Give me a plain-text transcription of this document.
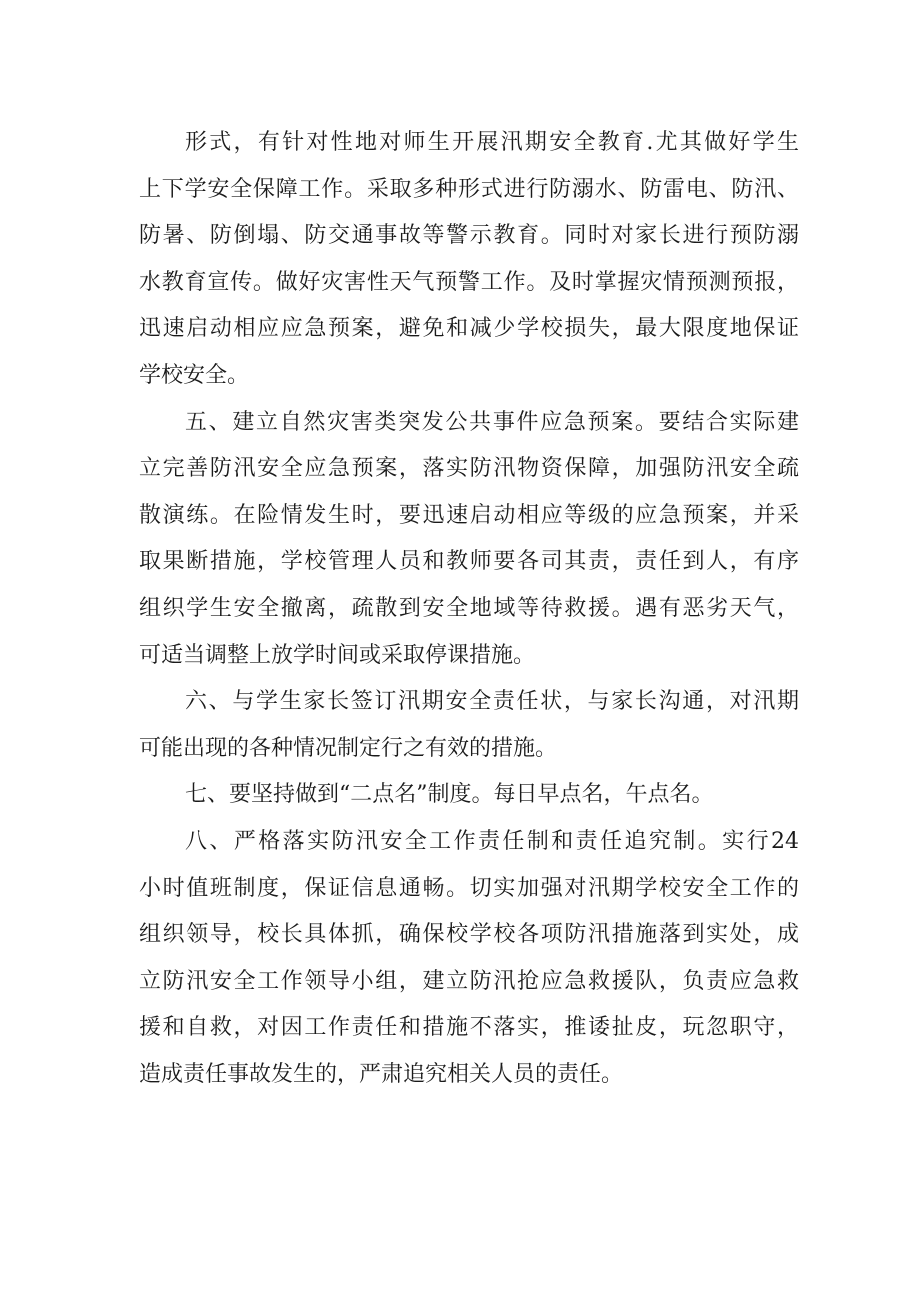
形式，有针对性地对师生开展汛期安全教育.尤其做好学生
上下学安全保障工作。采取多种形式进行防溺水、防雷电、防汛、
防暑、防倒塌、防交通事故等警示教育。同时对家长进行预防溺
水教育宣传。做好灾害性天气预警工作。及时掌握灾情预测预报，
迅速启动相应应急预案，避免和减少学校损失，最大限度地保证
学校安全。
五、建立自然灾害类突发公共事件应急预案。要结合实际建
立完善防汛安全应急预案，落实防汛物资保障，加强防汛安全疏
散演练。在险情发生时，要迅速启动相应等级的应急预案，并采
取果断措施，学校管理人员和教师要各司其责，责任到人，有序
组织学生安全撤离，疏散到安全地域等待救援。遇有恶劣天气，
可适当调整上放学时间或采取停课措施。
六、与学生家长签订汛期安全责任状，与家长沟通，对汛期
可能出现的各种情况制定行之有效的措施。
七、要坚持做到“二点名”制度。每日早点名，午点名。
八、严格落实防汛安全工作责任制和责任追究制。实行24
小时值班制度，保证信息通畅。切实加强对汛期学校安全工作的
组织领导，校长具体抓，确保校学校各项防汛措施落到实处，成
立防汛安全工作领导小组，建立防汛抢应急救援队，负责应急救
援和自救，对因工作责任和措施不落实，推诿扯皮，玩忽职守，
造成责任事故发生的，严肃追究相关人员的责任。
